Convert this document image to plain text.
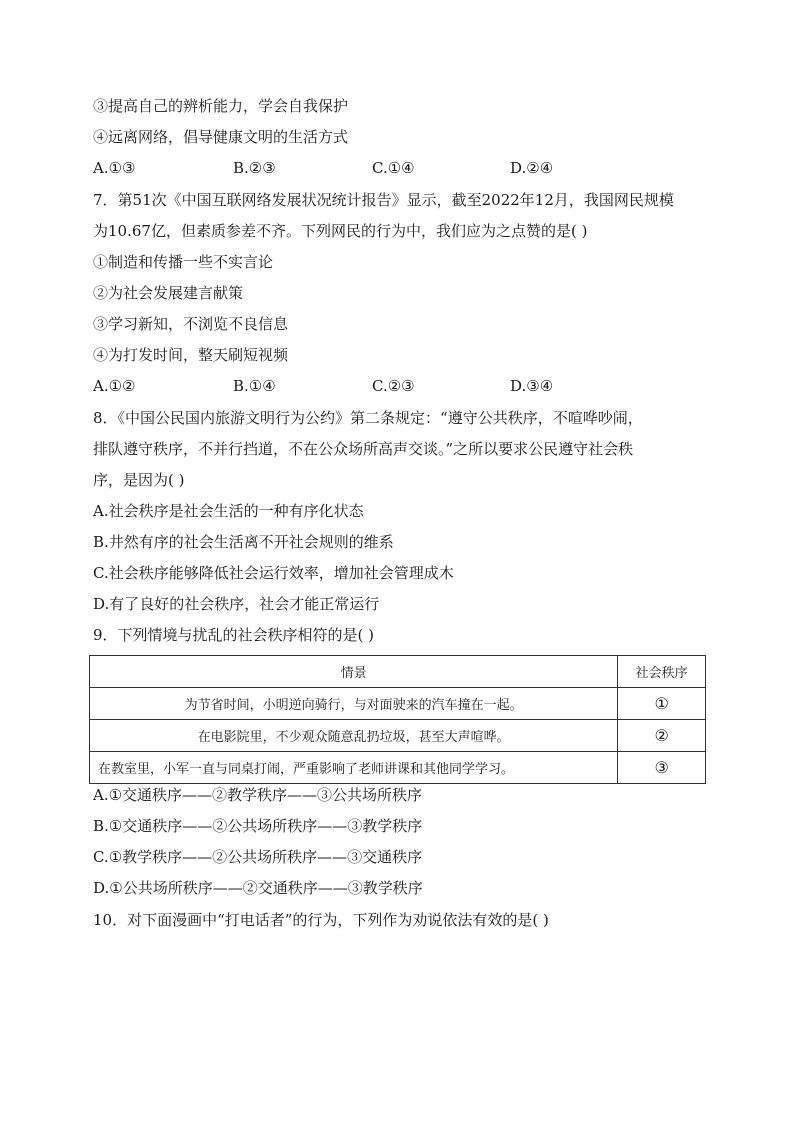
③提高自己的辨析能力，学会自我保护
④远离网络，倡导健康文明的生活方式
A.①③	B.②③	C.①④	D.②④
7．第51次《中国互联网络发展状况统计报告》显示，截至2022年12月，我国网民规模
为10.67亿，但素质参差不齐。下列网民的行为中，我们应为之点赞的是( )
①制造和传播一些不实言论
②为社会发展建言献策
③学习新知，不浏览不良信息
④为打发时间，整天刷短视频
A.①②	B.①④	C.②③	D.③④
8．《中国公民国内旅游文明行为公约》第二条规定：“遵守公共秩序，不喧哗吵闹，
排队遵守秩序，不并行挡道，不在公众场所高声交谈。”之所以要求公民遵守社会秩
序，是因为( )
A.社会秩序是社会生活的一种有序化状态
B.井然有序的社会生活离不开社会规则的维系
C.社会秩序能够降低社会运行效率，增加社会管理成木
D.有了良好的社会秩序，社会才能正常运行
9．下列情境与扰乱的社会秩序相符的是( )
情景	社会秩序
为节省时间，小明逆向骑行，与对面驶来的汽车撞在一起。	①
在电影院里，不少观众随意乱扔垃圾，甚至大声喧哗。	②
在教室里，小军一直与同桌打闹，严重影响了老师讲课和其他同学学习。	③
A.①交通秩序——②教学秩序——③公共场所秩序
B.①交通秩序——②公共场所秩序——③教学秩序
C.①教学秩序——②公共场所秩序——③交通秩序
D.①公共场所秩序——②交通秩序——③教学秩序
10．对下面漫画中“打电话者”的行为，下列作为劝说依法有效的是( )
